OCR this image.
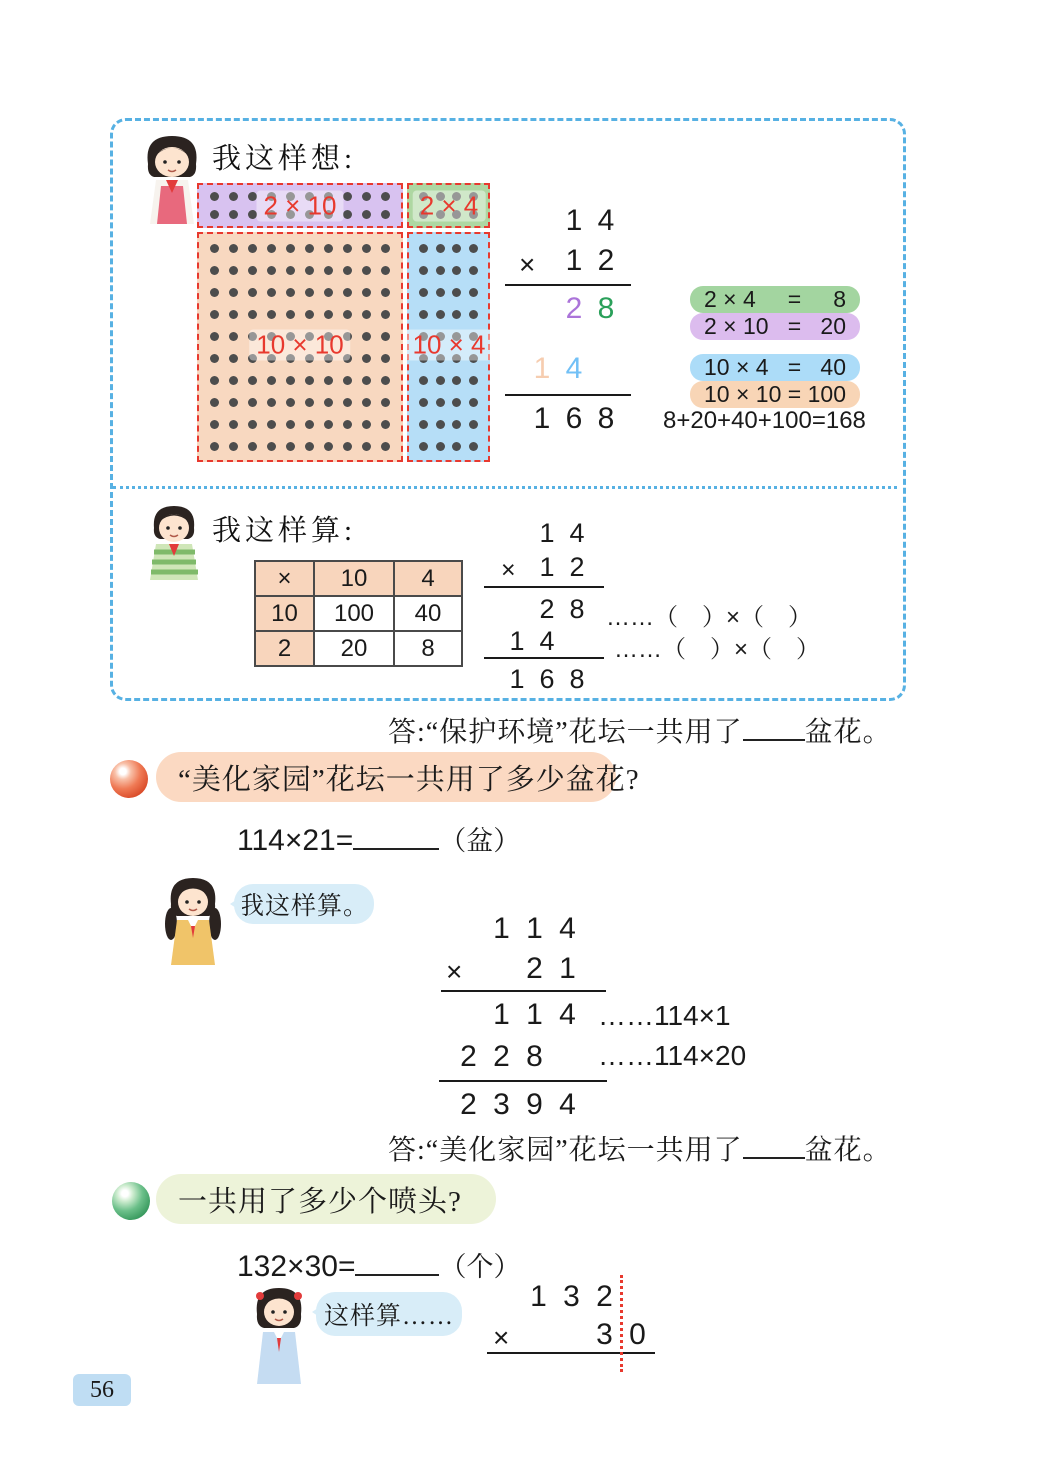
我这样想:
2 × 10	2 × 4
10 × 10	10 × 4
1 4
× 1 2
2 8
1 4
1 6 8
2 × 4 = 8
2 × 10 = 20
10 × 4 = 40
10 × 10 = 100
8+20+40+100=168
我这样算:
×	10	4
10	100	40
2	20	8
1 4
× 1 2
2 8 ……（　）×（　）
1 4	……（　）×（　）
1 6 8
答:“保护环境”花坛一共用了 盆花。
“美化家园”花坛一共用了多少盆花?
114×21=	（盆）
我这样算。
1 1 4
× 2 1
1 1 4 ……114×1
2 2 8 ……114×20
2 3 9 4
答:“美化家园”花坛一共用了 盆花。
一共用了多少个喷头?
132×30=	（个）
这样算……
1 3 2
×	3 0
56
